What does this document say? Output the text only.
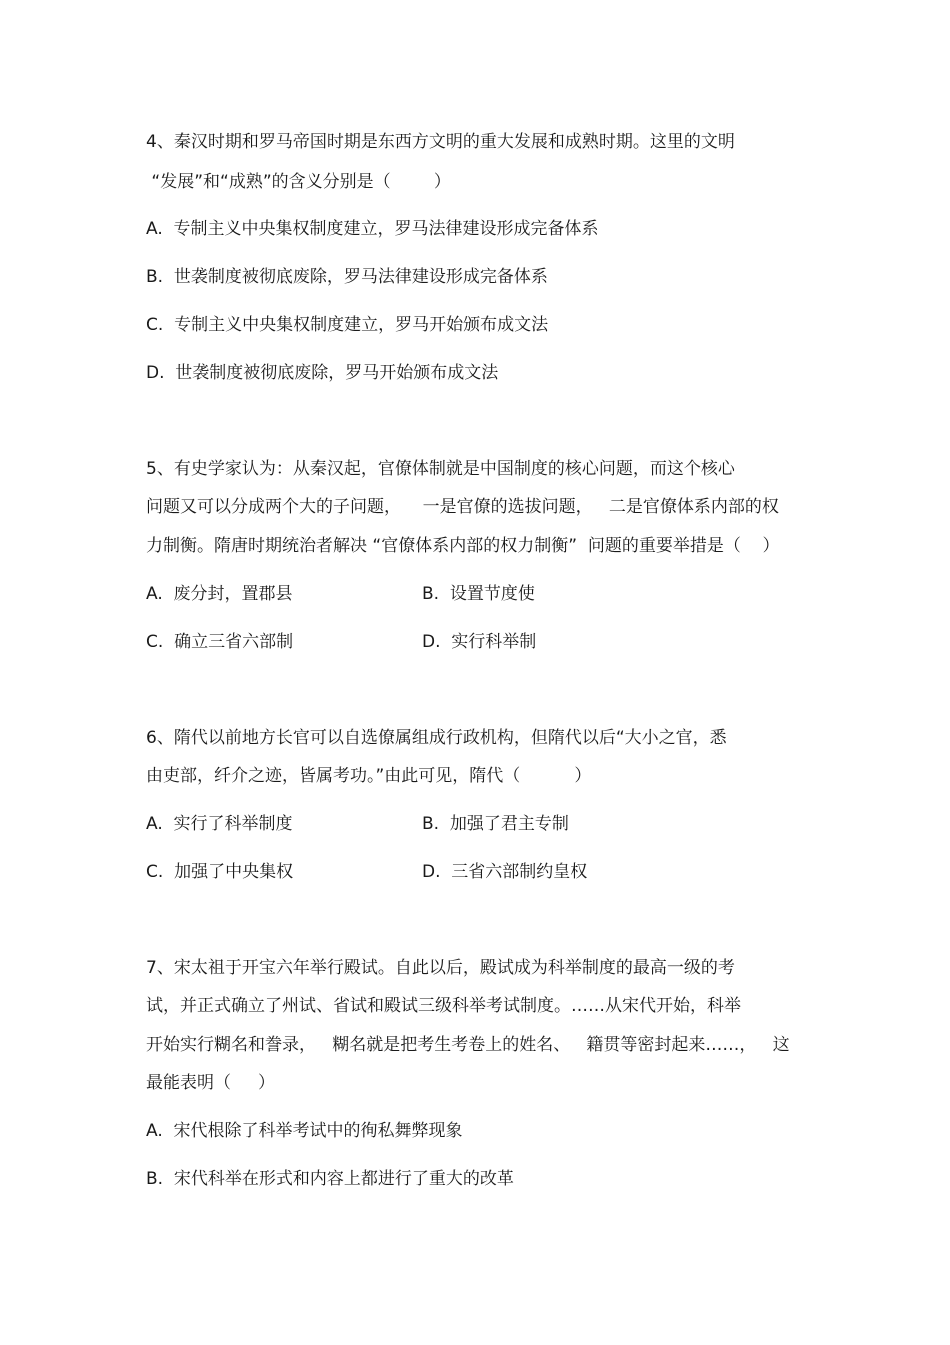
4、秦汉时期和罗马帝国时期是东西方文明的重大发展和成熟时期。这里的文明
“发展”和“成熟”的含义分别是（        ）
A.  专制主义中央集权制度建立，罗马法律建设形成完备体系
B.  世袭制度被彻底废除，罗马法律建设形成完备体系
C.  专制主义中央集权制度建立，罗马开始颁布成文法
D.  世袭制度被彻底废除，罗马开始颁布成文法
5、有史学家认为：从秦汉起，官僚体制就是中国制度的核心问题，而这个核心
问题又可以分成两个大的子问题，    一是官僚的选拔问题，   二是官僚体系内部的权
力制衡。隋唐时期统治者解决 “官僚体系内部的权力制衡”  问题的重要举措是（    ）
A.  废分封，置郡县	B.  设置节度使
C.  确立三省六部制	D.  实行科举制
6、隋代以前地方长官可以自选僚属组成行政机构，但隋代以后“大小之官，悉
由吏部，纤介之迹，皆属考功。”由此可见，隋代（          ）
A.  实行了科举制度	B.  加强了君主专制
C.  加强了中央集权	D.  三省六部制约皇权
7、宋太祖于开宝六年举行殿试。自此以后，殿试成为科举制度的最高一级的考
试，并正式确立了州试、省试和殿试三级科举考试制度。……从宋代开始，科举
开始实行糊名和誊录，   糊名就是把考生考卷上的姓名、   籍贯等密封起来……，   这
最能表明（     ）
A.  宋代根除了科举考试中的徇私舞弊现象
B.  宋代科举在形式和内容上都进行了重大的改革
